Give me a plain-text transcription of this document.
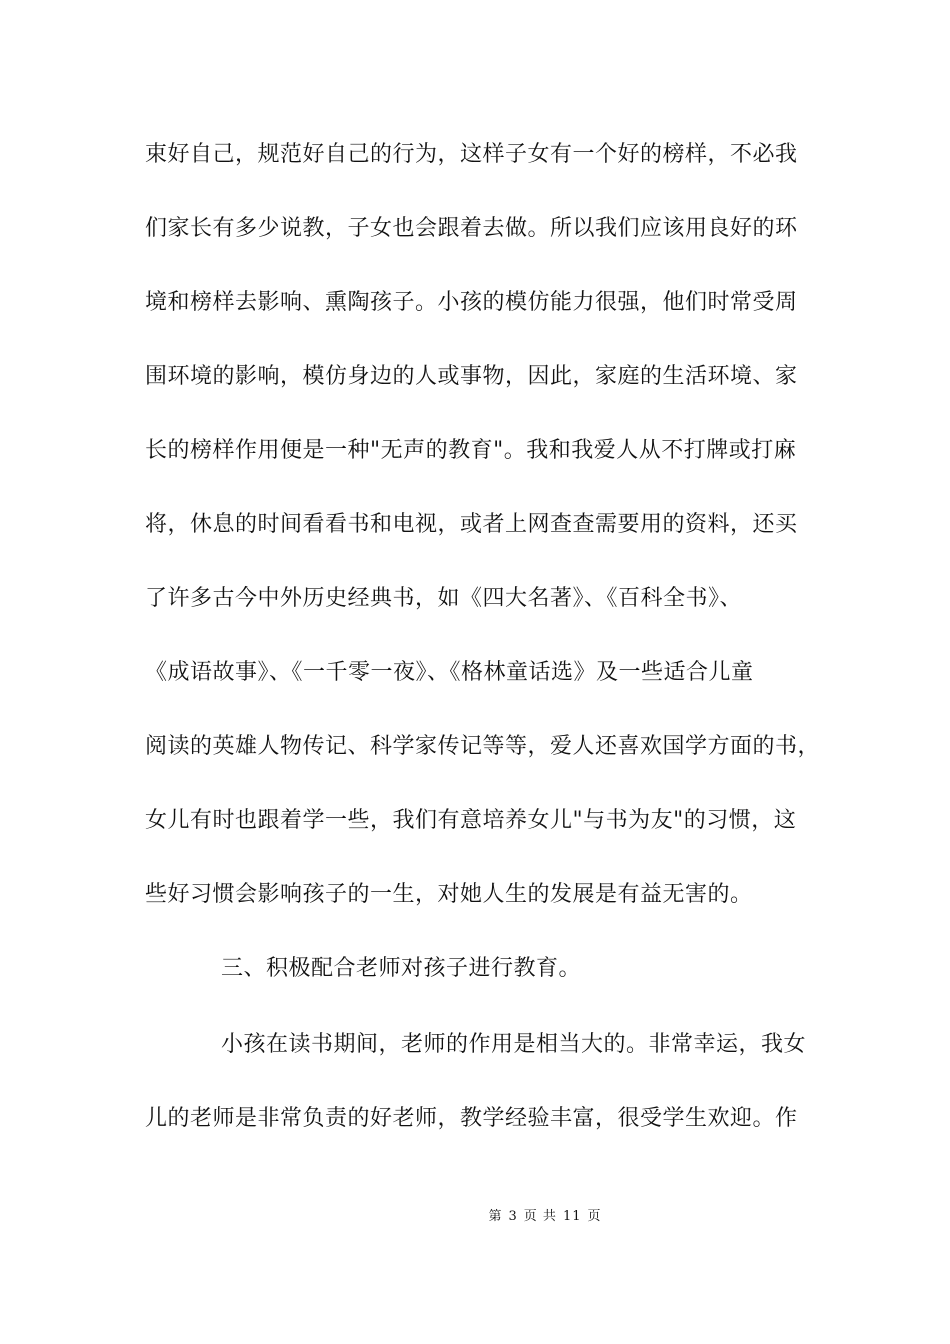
束好自己，规范好自己的行为，这样子女有一个好的榜样，不必我
们家长有多少说教，子女也会跟着去做。所以我们应该用良好的环
境和榜样去影响、熏陶孩子。小孩的模仿能力很强，他们时常受周
围环境的影响，模仿身边的人或事物，因此，家庭的生活环境、家
长的榜样作用便是一种"无声的教育"。我和我爱人从不打牌或打麻
将，休息的时间看看书和电视，或者上网查查需要用的资料，还买
了许多古今中外历史经典书，如《四大名著》、《百科全书》、
《成语故事》、《一千零一夜》、《格林童话选》及一些适合儿童
阅读的英雄人物传记、科学家传记等等，爱人还喜欢国学方面的书，
女儿有时也跟着学一些，我们有意培养女儿"与书为友"的习惯，这
些好习惯会影响孩子的一生，对她人生的发展是有益无害的。
三、积极配合老师对孩子进行教育。
小孩在读书期间，老师的作用是相当大的。非常幸运，我女
儿的老师是非常负责的好老师，教学经验丰富，很受学生欢迎。作
第 3 页 共 11 页
